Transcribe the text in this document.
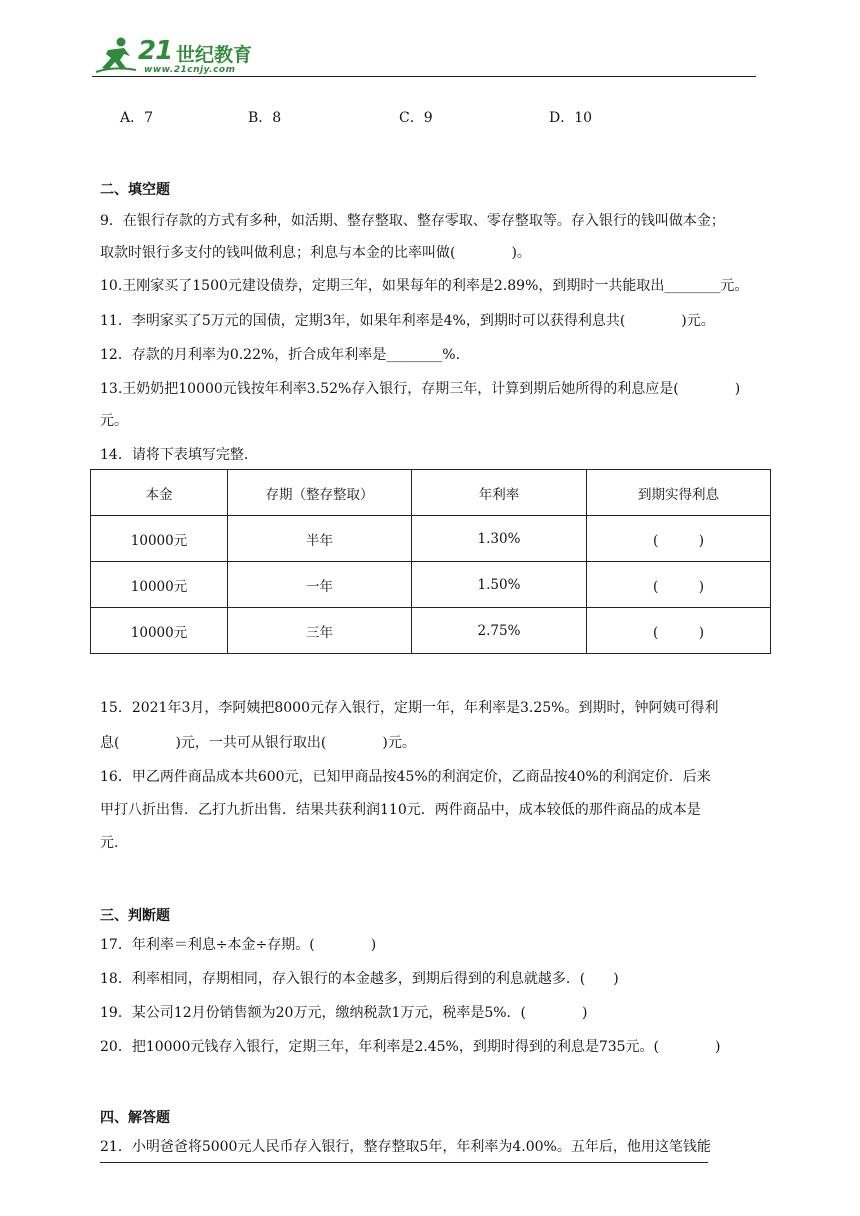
21 世纪教育
www.21cnjy.com
A．7	B．8	C．9	D．10
二、填空题
9．在银行存款的方式有多种，如活期、整存整取、整存零取、零存整取等。存入银行的钱叫做本金；
取款时银行多支付的钱叫做利息；利息与本金的比率叫做(　　　　)。
10.王刚家买了1500元建设债券，定期三年，如果每年的利率是2.89%，到期时一共能取出________元。
11．李明家买了5万元的国债，定期3年，如果年利率是4%，到期时可以获得利息共(　　　　)元。
12．存款的月利率为0.22%，折合成年利率是________%.
13.王奶奶把10000元钱按年利率3.52%存入银行，存期三年，计算到期后她所得的利息应是(　　　　)
元。
14．请将下表填写完整.
本金	存期（整存整取）	年利率	到期实得利息
10000元	半年	1.30%	(　　　)
10000元	一年	1.50%	(　　　)
10000元	三年	2.75%	(　　　)
15．2021年3月，李阿姨把8000元存入银行，定期一年，年利率是3.25%。到期时，钟阿姨可得利
息(　　　　)元，一共可从银行取出(　　　　)元。
16．甲乙两件商品成本共600元，已知甲商品按45%的利润定价，乙商品按40%的利润定价．后来
甲打八折出售．乙打九折出售．结果共获利润110元．两件商品中，成本较低的那件商品的成本是
元.
三、判断题
17．年利率＝利息÷本金÷存期。(　　　　)
18．利率相同，存期相同，存入银行的本金越多，到期后得到的利息就越多．(　　)
19．某公司12月份销售额为20万元，缴纳税款1万元，税率是5%．(　　　　)
20．把10000元钱存入银行，定期三年，年利率是2.45%，到期时得到的利息是735元。(　　　　)
四、解答题
21．小明爸爸将5000元人民币存入银行，整存整取5年，年利率为4.00%。五年后，他用这笔钱能
